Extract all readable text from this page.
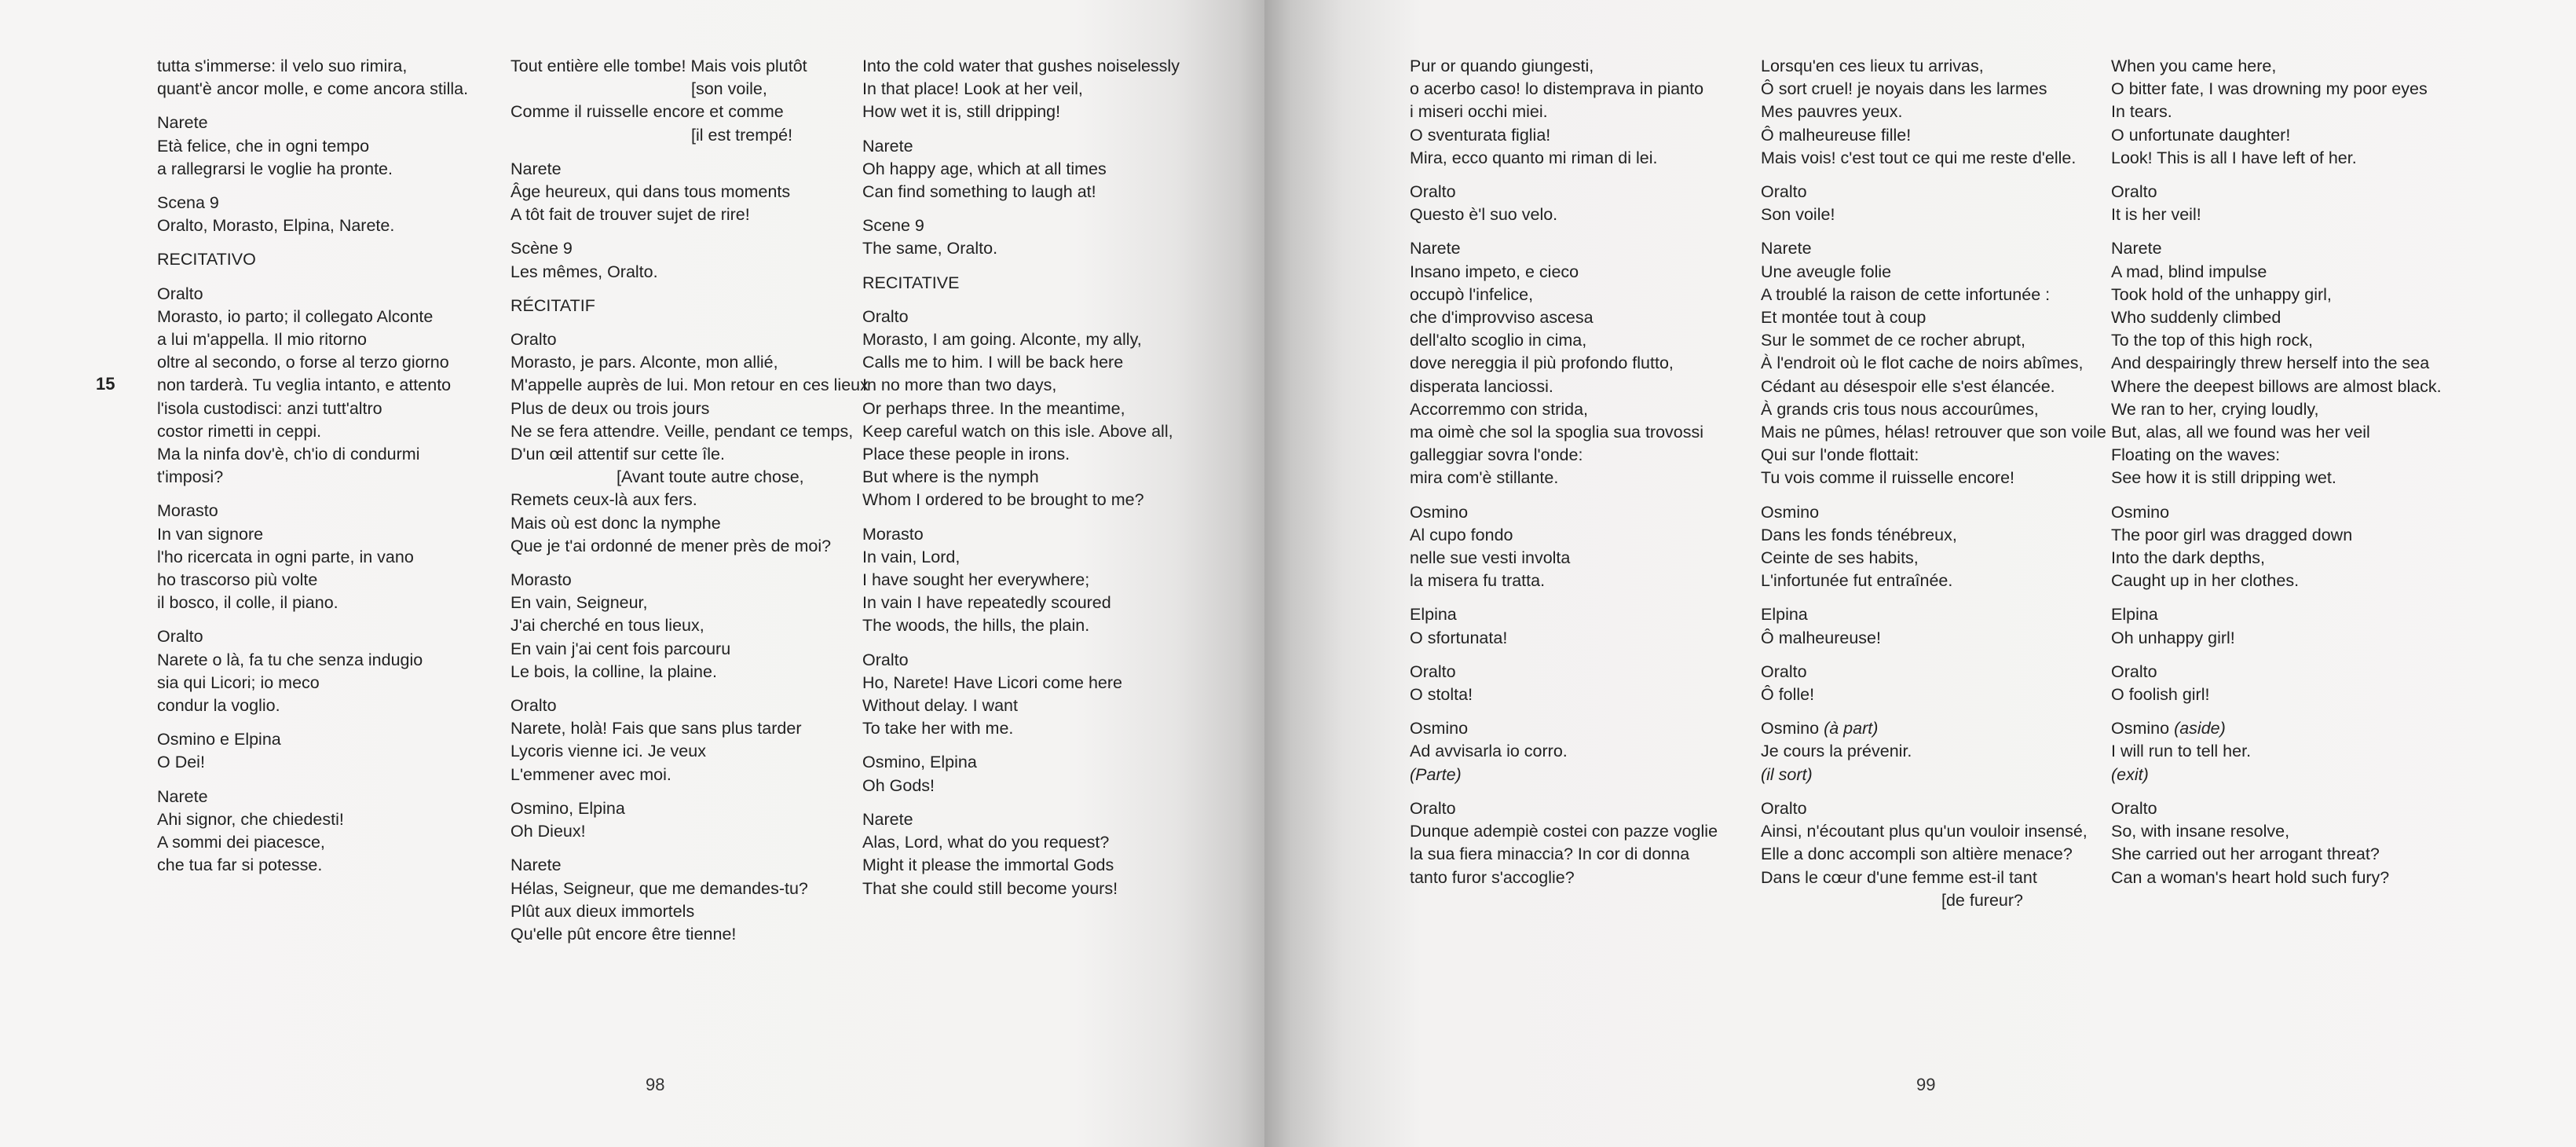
15
tutta s'immerse: il velo suo rimira,
quant'è ancor molle, e come ancora stilla.
Narete
Età felice, che in ogni tempo
a rallegrarsi le voglie ha pronte.
Scena 9
Oralto, Morasto, Elpina, Narete.
RECITATIVO
Oralto
Morasto, io parto; il collegato Alconte
a lui m'appella. Il mio ritorno
oltre al secondo, o forse al terzo giorno
non tarderà. Tu veglia intanto, e attento
l'isola custodisci: anzi tutt'altro
costor rimetti in ceppi.
Ma la ninfa dov'è, ch'io di condurmi
t'imposi?
Morasto
In van signore
l'ho ricercata in ogni parte, in vano
ho trascorso più volte
il bosco, il colle, il piano.
Oralto
Narete o là, fa tu che senza indugio
sia qui Licori; io meco
condur la voglio.
Osmino e Elpina
O Dei!
Narete
Ahi signor, che chiedesti!
A sommi dei piacesce,
che tua far si potesse.
Tout entière elle tombe! Mais vois plutôt
[son voile,
Comme il ruisselle encore et comme
[il est trempé!
Narete
Âge heureux, qui dans tous moments
A tôt fait de trouver sujet de rire!
Scène 9
Les mêmes, Oralto.
RÉCITATIF
Oralto
Morasto, je pars. Alconte, mon allié,
M'appelle auprès de lui. Mon retour en ces lieux
Plus de deux ou trois jours
Ne se fera attendre. Veille, pendant ce temps,
D'un œil attentif sur cette île.
[Avant toute autre chose,
Remets ceux-là aux fers.
Mais où est donc la nymphe
Que je t'ai ordonné de mener près de moi?
Morasto
En vain, Seigneur,
J'ai cherché en tous lieux,
En vain j'ai cent fois parcouru
Le bois, la colline, la plaine.
Oralto
Narete, holà! Fais que sans plus tarder
Lycoris vienne ici. Je veux
L'emmener avec moi.
Osmino, Elpina
Oh Dieux!
Narete
Hélas, Seigneur, que me demandes-tu?
Plût aux dieux immortels
Qu'elle pût encore être tienne!
Into the cold water that gushes noiselessly
In that place! Look at her veil,
How wet it is, still dripping!
Narete
Oh happy age, which at all times
Can find something to laugh at!
Scene 9
The same, Oralto.
RECITATIVE
Oralto
Morasto, I am going. Alconte, my ally,
Calls me to him. I will be back here
In no more than two days,
Or perhaps three. In the meantime,
Keep careful watch on this isle. Above all,
Place these people in irons.
But where is the nymph
Whom I ordered to be brought to me?
Morasto
In vain, Lord,
I have sought her everywhere;
In vain I have repeatedly scoured
The woods, the hills, the plain.
Oralto
Ho, Narete! Have Licori come here
Without delay. I want
To take her with me.
Osmino, Elpina
Oh Gods!
Narete
Alas, Lord, what do you request?
Might it please the immortal Gods
That she could still become yours!
98
Pur or quando giungesti,
o acerbo caso! lo distemprava in pianto
i miseri occhi miei.
O sventurata figlia!
Mira, ecco quanto mi riman di lei.
Oralto
Questo è'l suo velo.
Narete
Insano impeto, e cieco
occupò l'infelice,
che d'improvviso ascesa
dell'alto scoglio in cima,
dove nereggia il più profondo flutto,
disperata lanciossi.
Accorremmo con strida,
ma oimè che sol la spoglia sua trovossi
galleggiar sovra l'onde:
mira com'è stillante.
Osmino
Al cupo fondo
nelle sue vesti involta
la misera fu tratta.
Elpina
O sfortunata!
Oralto
O stolta!
Osmino
Ad avvisarla io corro.
(Parte)
Oralto
Dunque adempiè costei con pazze voglie
la sua fiera minaccia? In cor di donna
tanto furor s'accoglie?
Lorsqu'en ces lieux tu arrivas,
Ô sort cruel! je noyais dans les larmes
Mes pauvres yeux.
Ô malheureuse fille!
Mais vois! c'est tout ce qui me reste d'elle.
Oralto
Son voile!
Narete
Une aveugle folie
A troublé la raison de cette infortunée :
Et montée tout à coup
Sur le sommet de ce rocher abrupt,
À l'endroit où le flot cache de noirs abîmes,
Cédant au désespoir elle s'est élancée.
À grands cris tous nous accourûmes,
Mais ne pûmes, hélas! retrouver que son voile
Qui sur l'onde flottait:
Tu vois comme il ruisselle encore!
Osmino
Dans les fonds ténébreux,
Ceinte de ses habits,
L'infortunée fut entraînée.
Elpina
Ô malheureuse!
Oralto
Ô folle!
Osmino (à part)
Je cours la prévenir.
(il sort)
Oralto
Ainsi, n'écoutant plus qu'un vouloir insensé,
Elle a donc accompli son altière menace?
Dans le cœur d'une femme est-il tant
[de fureur?
When you came here,
O bitter fate, I was drowning my poor eyes
In tears.
O unfortunate daughter!
Look! This is all I have left of her.
Oralto
It is her veil!
Narete
A mad, blind impulse
Took hold of the unhappy girl,
Who suddenly climbed
To the top of this high rock,
And despairingly threw herself into the sea
Where the deepest billows are almost black.
We ran to her, crying loudly,
But, alas, all we found was her veil
Floating on the waves:
See how it is still dripping wet.
Osmino
The poor girl was dragged down
Into the dark depths,
Caught up in her clothes.
Elpina
Oh unhappy girl!
Oralto
O foolish girl!
Osmino (aside)
I will run to tell her.
(exit)
Oralto
So, with insane resolve,
She carried out her arrogant threat?
Can a woman's heart hold such fury?
99
